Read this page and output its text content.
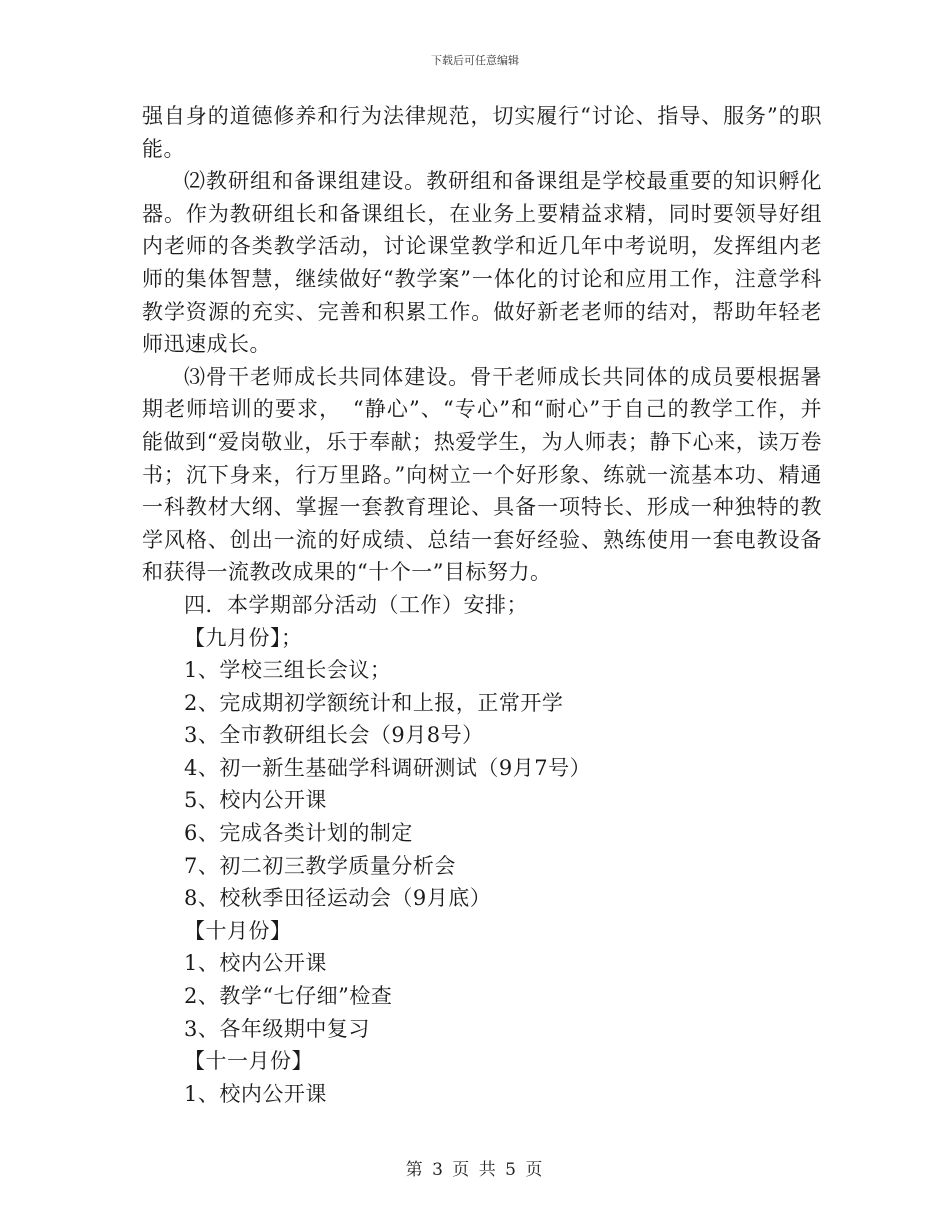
下载后可任意编辑

强自身的道德修养和行为法律规范，切实履行“讨论、指导、服务”的职能。

⑵教研组和备课组建设。教研组和备课组是学校最重要的知识孵化器。作为教研组长和备课组长，在业务上要精益求精，同时要领导好组内老师的各类教学活动，讨论课堂教学和近几年中考说明，发挥组内老师的集体智慧，继续做好“教学案”一体化的讨论和应用工作，注意学科教学资源的充实、完善和积累工作。做好新老老师的结对，帮助年轻老师迅速成长。

⑶骨干老师成长共同体建设。骨干老师成长共同体的成员要根据暑期老师培训的要求，　“静心”、“专心”和“耐心”于自己的教学工作，并能做到“爱岗敬业，乐于奉献；热爱学生，为人师表；静下心来，读万卷书；沉下身来，行万里路。”向树立一个好形象、练就一流基本功、精通一科教材大纲、掌握一套教育理论、具备一项特长、形成一种独特的教学风格、创出一流的好成绩、总结一套好经验、熟练使用一套电教设备和获得一流教改成果的“十个一”目标努力。

四．本学期部分活动（工作）安排；

【九月份】；

1、学校三组长会议；

2、完成期初学额统计和上报，正常开学

3、全市教研组长会（9月8号）

4、初一新生基础学科调研测试（9月7号）

5、校内公开课

6、完成各类计划的制定

7、初二初三教学质量分析会

8、校秋季田径运动会（9月底）

【十月份】

1、校内公开课

2、教学“七仔细”检查

3、各年级期中复习

【十一月份】

1、校内公开课

第 3 页 共 5 页
